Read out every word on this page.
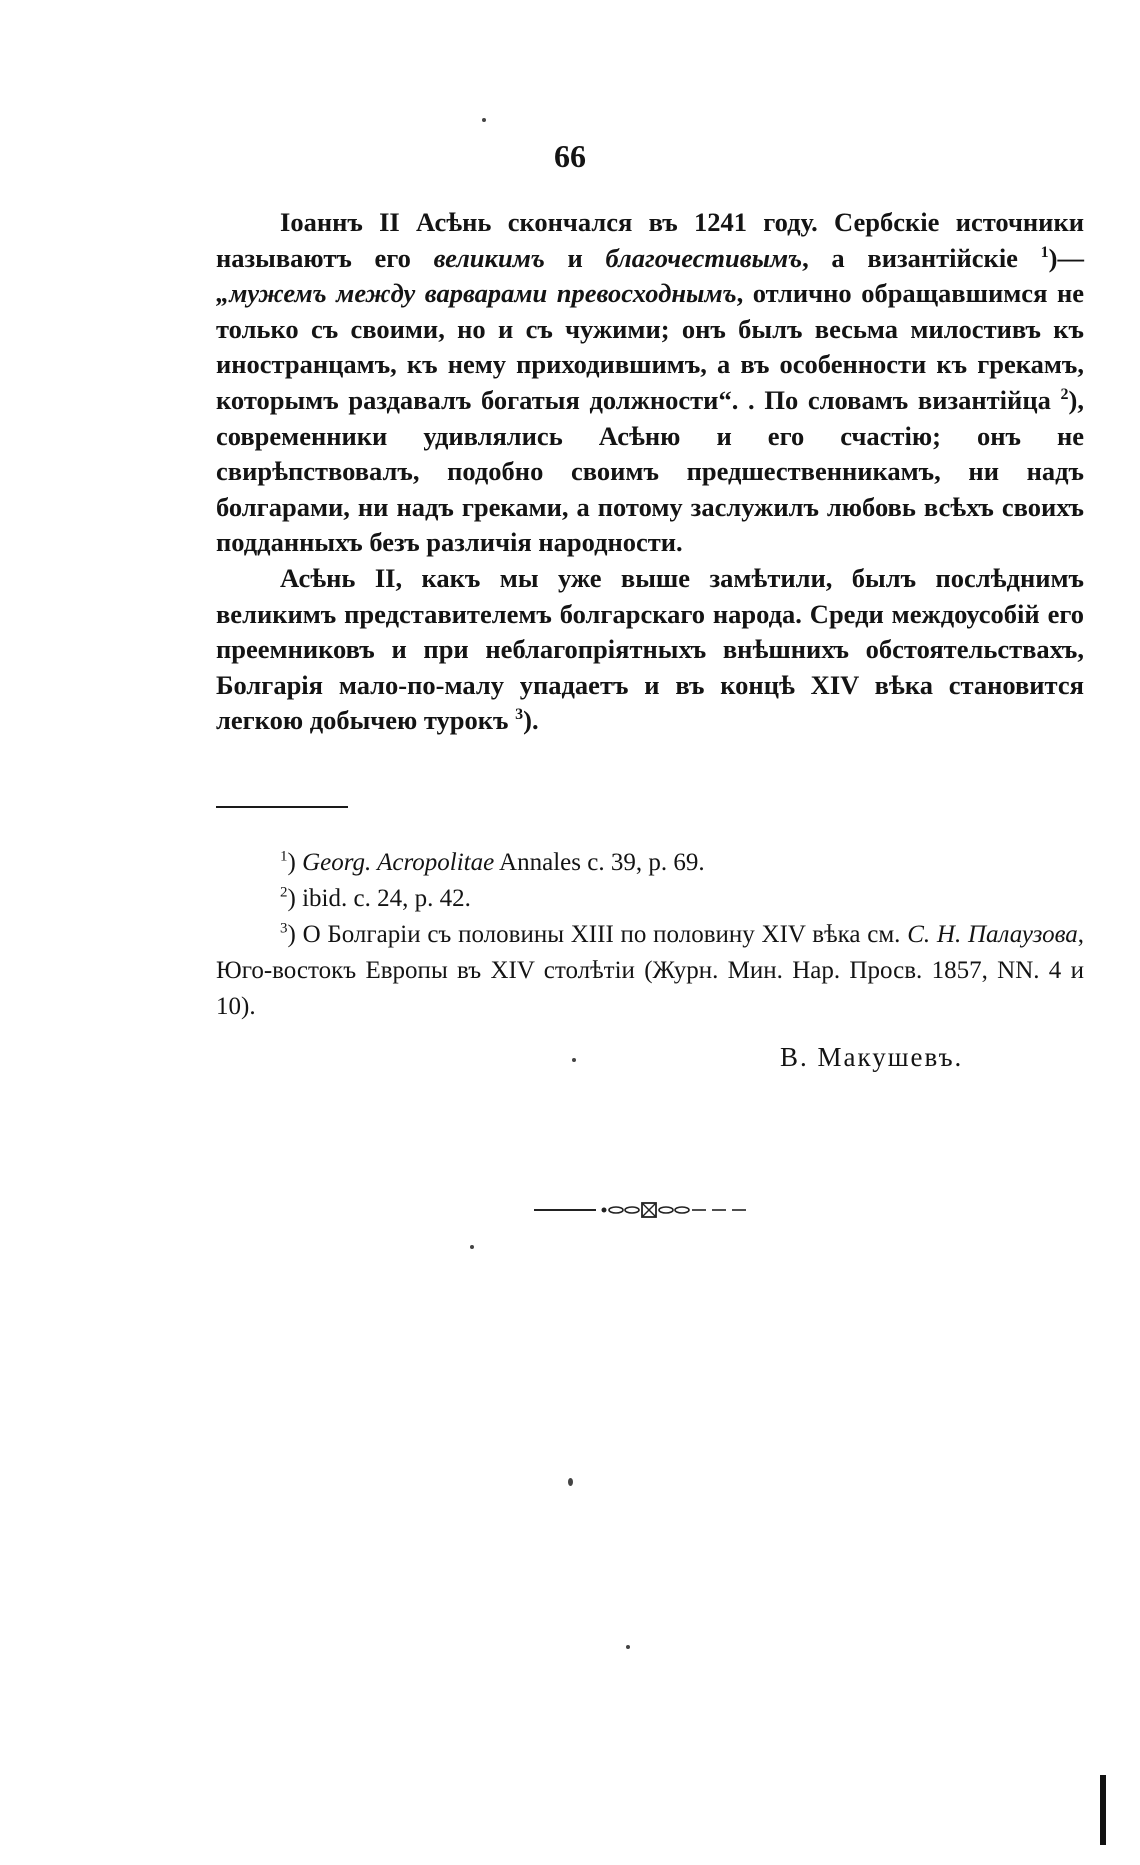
66

Іоаннъ II Асѣнь скончался въ 1241 году. Сербскіе источники называютъ его великимъ и благочестивымъ, а византійскіе $^1$)— „мужемъ между варварами превосходнымъ, отлично обращавшимся не только съ своими, но и съ чужими; онъ былъ весьма милостивъ къ иностранцамъ, къ нему приходившимъ, а въ особенности къ грекамъ, которымъ раздавалъ богатыя должности“. . По словамъ византійца $^2$), современники удивлялись Асѣню и его счастію; онъ не свирѣпствовалъ, подобно своимъ предшественникамъ, ни надъ болгарами, ни надъ греками, а потому заслужилъ любовь всѣхъ своихъ подданныхъ безъ различія народности.

Асѣнь II, какъ мы уже выше замѣтили, былъ послѣднимъ великимъ представителемъ болгарскаго народа. Среди междоусобій его преемниковъ и при неблагопріятныхъ внѣшнихъ обстоятельствахъ, Болгарія мало-по-малу упадаетъ и въ концѣ XIV вѣка становится легкою добычею турокъ $^3$).

$^1$) Georg. Acropolitae Annales c. 39, p. 69.

$^2$) ibid. c. 24, p. 42.

$^3$) О Болгаріи съ половины XIII по половину XIV вѣка см. С. Н. Палаузова, Юго-востокъ Европы въ XIV столѣтіи (Журн. Мин. Нар. Просв. 1857, NN. 4 и 10).

В. Макушевъ.
